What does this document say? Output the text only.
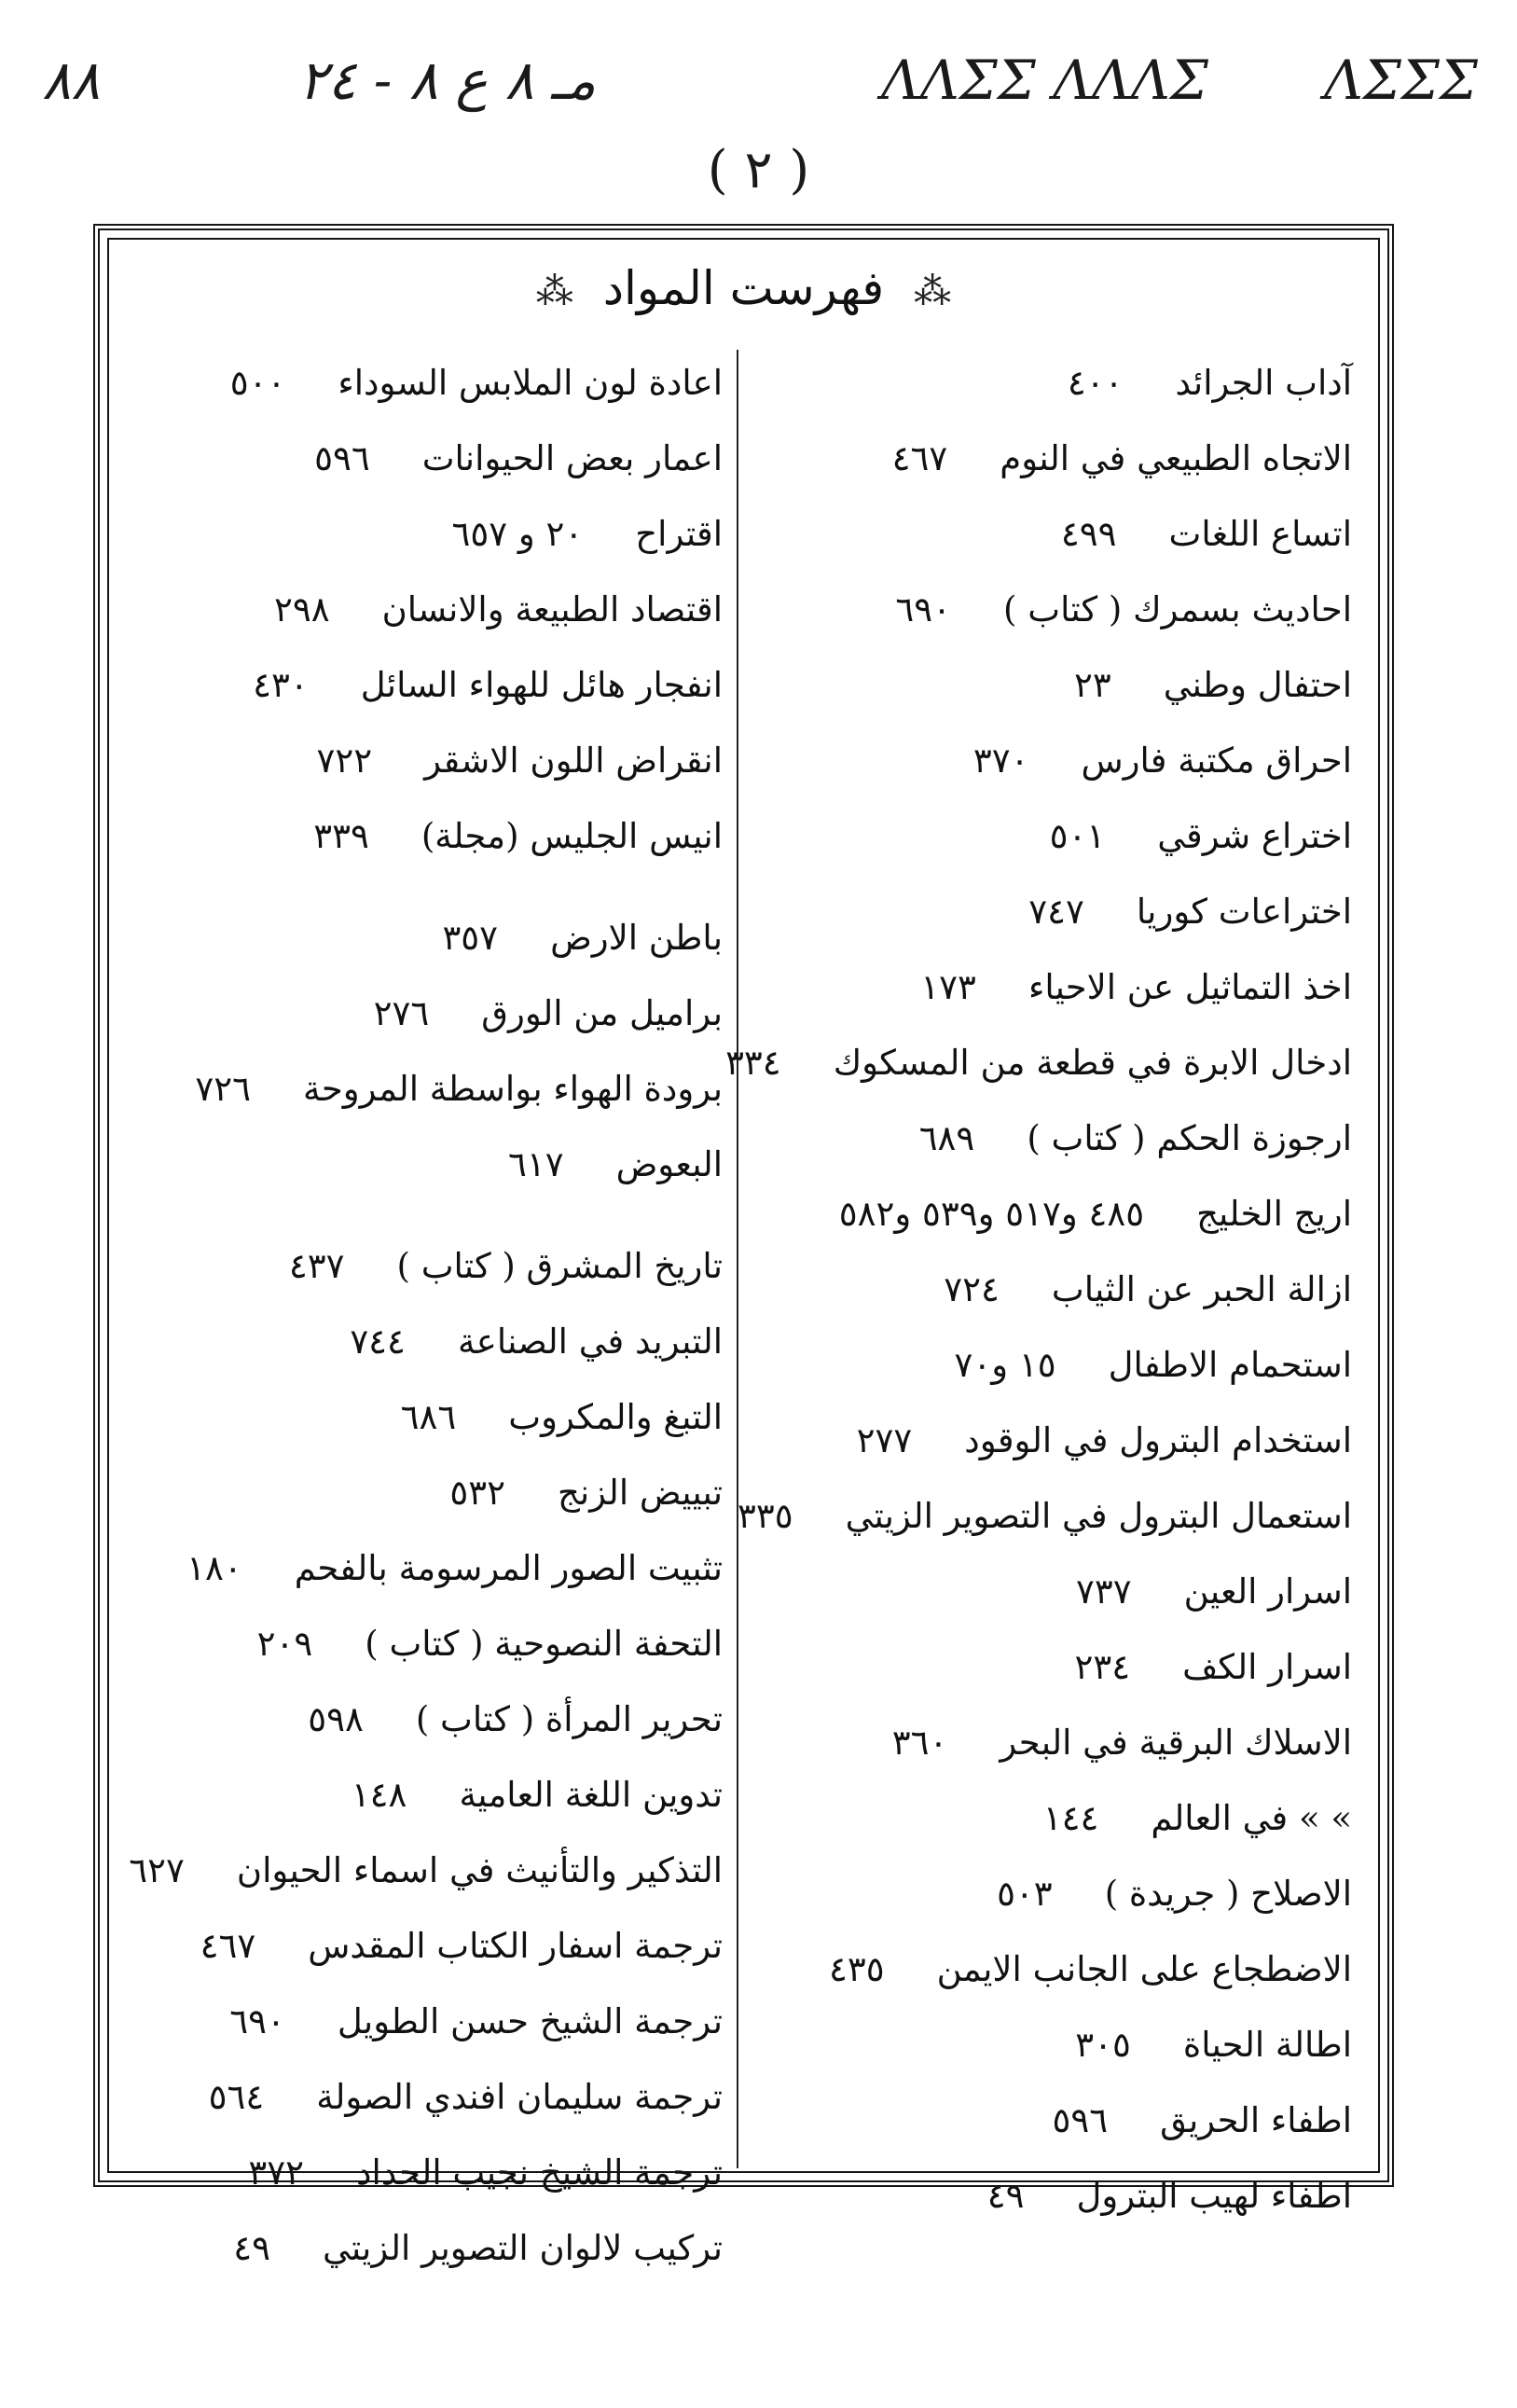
ΛΣΣΣ
ΛΛΣΣ ΛΛΛΣ
مـ ٨ ع ٨ - ٢٤
٨٨
( ٢ )
⁂ فهرست المواد ⁂
آداب الجرائد
٤٠٠
الاتجاه الطبيعي في النوم
٤٦٧
اتساع اللغات
٤٩٩
احاديث بسمرك ( كتاب )
٦٩٠
احتفال وطني
٢٣
احراق مكتبة فارس
٣٧٠
اختراع شرقي
٥٠١
اختراعات كوريا
٧٤٧
اخذ التماثيل عن الاحياء
١٧٣
ادخال الابرة في قطعة من المسكوك
٣٣٤
ارجوزة الحكم ( كتاب )
٦٨٩
اريج الخليج
٤٨٥ و٥١٧ و٥٣٩ و٥٨٢
ازالة الحبر عن الثياب
٧٢٤
استحمام الاطفال
١٥ و٧٠
استخدام البترول في الوقود
٢٧٧
استعمال البترول في التصوير الزيتي
٣٣٥
اسرار العين
٧٣٧
اسرار الكف
٢٣٤
الاسلاك البرقية في البحر
٣٦٠
» » في العالم
١٤٤
الاصلاح ( جريدة )
٥٠٣
الاضطجاع على الجانب الايمن
٤٣٥
اطالة الحياة
٣٠٥
اطفاء الحريق
٥٩٦
اطفاء لهيب البترول
٤٩
اعادة لون الملابس السوداء
٥٠٠
اعمار بعض الحيوانات
٥٩٦
اقتراح
٢٠ و ٦٥٧
اقتصاد الطبيعة والانسان
٢٩٨
انفجار هائل للهواء السائل
٤٣٠
انقراض اللون الاشقر
٧٢٢
انيس الجليس (مجلة)
٣٣٩
باطن الارض
٣٥٧
براميل من الورق
٢٧٦
برودة الهواء بواسطة المروحة
٧٢٦
البعوض
٦١٧
تاريخ المشرق ( كتاب )
٤٣٧
التبريد في الصناعة
٧٤٤
التبغ والمكروب
٦٨٦
تبييض الزنج
٥٣٢
تثبيت الصور المرسومة بالفحم
١٨٠
التحفة النصوحية ( كتاب )
٢٠٩
تحرير المرأة ( كتاب )
٥٩٨
تدوين اللغة العامية
١٤٨
التذكير والتأنيث في اسماء الحيوان
٦٢٧
ترجمة اسفار الكتاب المقدس
٤٦٧
ترجمة الشيخ حسن الطويل
٦٩٠
ترجمة سليمان افندي الصولة
٥٦٤
ترجمة الشيخ نجيب الحداد
٣٧٢
تركيب لالوان التصوير الزيتي
٤٩
